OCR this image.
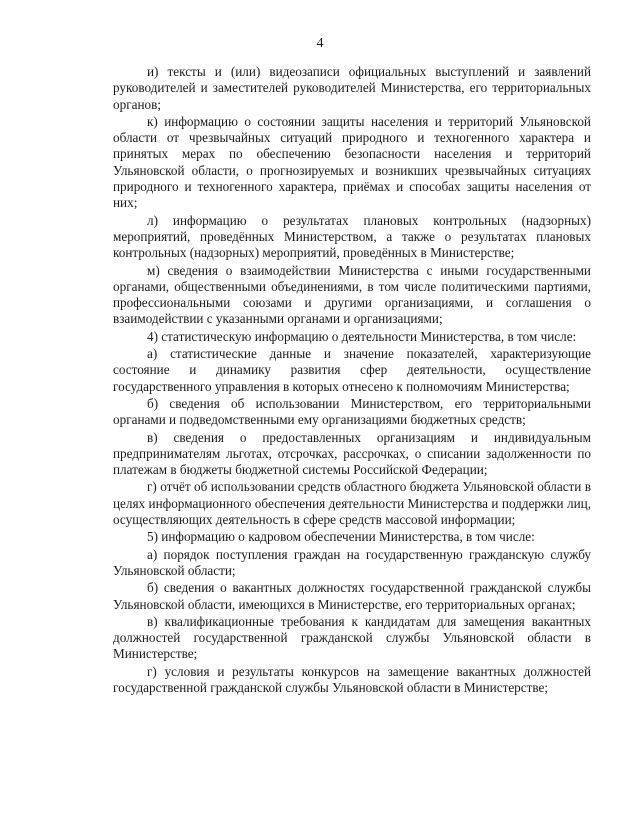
4

и) тексты и (или) видеозаписи официальных выступлений и заявлений руководителей и заместителей руководителей Министерства, его территориальных органов;

к) информацию о состоянии защиты населения и территорий Ульяновской области от чрезвычайных ситуаций природного и техногенного характера и принятых мерах по обеспечению безопасности населения и территорий Ульяновской области, о прогнозируемых и возникших чрезвычайных ситуациях природного и техногенного характера, приёмах и способах защиты населения от них;

л) информацию о результатах плановых контрольных (надзорных) мероприятий, проведённых Министерством, а также о результатах плановых контрольных (надзорных) мероприятий, проведённых в Министерстве;

м) сведения о взаимодействии Министерства с иными государственными органами, общественными объединениями, в том числе политическими партиями, профессиональными союзами и другими организациями, и соглашения о взаимодействии с указанными органами и организациями;

4) статистическую информацию о деятельности Министерства, в том числе:

а) статистические данные и значение показателей, характеризующие состояние и динамику развития сфер деятельности, осуществление государственного управления в которых отнесено к полномочиям Министерства;

б) сведения об использовании Министерством, его территориальными органами и подведомственными ему организациями бюджетных средств;

в) сведения о предоставленных организациям и индивидуальным предпринимателям льготах, отсрочках, рассрочках, о списании задолженности по платежам в бюджеты бюджетной системы Российской Федерации;

г) отчёт об использовании средств областного бюджета Ульяновской области в целях информационного обеспечения деятельности Министерства и поддержки лиц, осуществляющих деятельность в сфере средств массовой информации;

5) информацию о кадровом обеспечении Министерства, в том числе:

а) порядок поступления граждан на государственную гражданскую службу Ульяновской области;

б) сведения о вакантных должностях государственной гражданской службы Ульяновской области, имеющихся в Министерстве, его территориальных органах;

в) квалификационные требования к кандидатам для замещения вакантных должностей государственной гражданской службы Ульяновской области в Министерстве;

г) условия и результаты конкурсов на замещение вакантных должностей государственной гражданской службы Ульяновской области в Министерстве;
